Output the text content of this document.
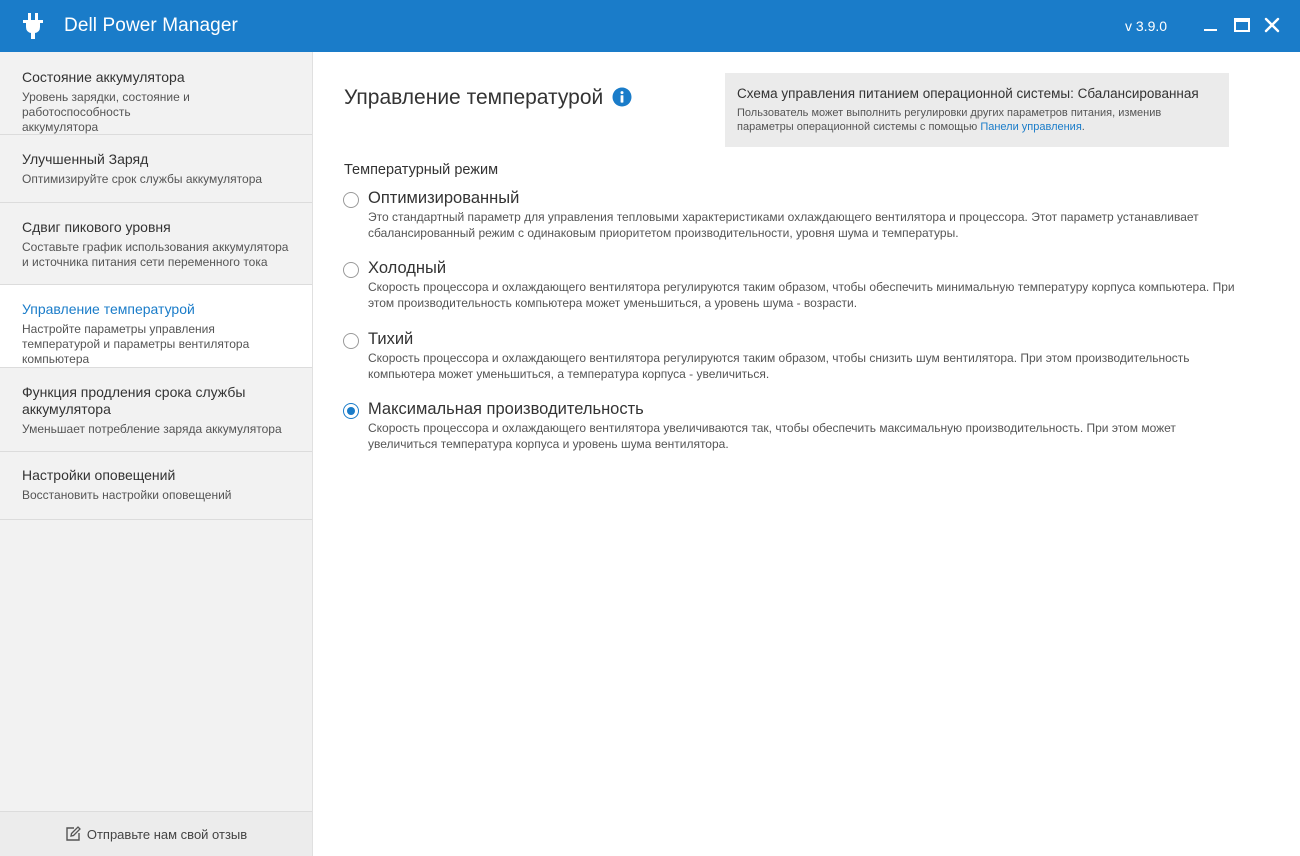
Dell Power Manager	v 3.9.0
Состояние аккумулятора
Уровень зарядки, состояние и работоспособность аккумулятора
Улучшенный Заряд
Оптимизируйте срок службы аккумулятора
Сдвиг пикового уровня
Составьте график использования аккумулятора и источника питания сети переменного тока
Управление температурой
Настройте параметры управления температурой и параметры вентилятора компьютера
Функция продления срока службы аккумулятора
Уменьшает потребление заряда аккумулятора
Настройки оповещений
Восстановить настройки оповещений
Отправьте нам свой отзыв
Управление температурой	Схема управления питанием операционной системы: Сбалансированная
Пользователь может выполнить регулировки других параметров питания, изменив параметры операционной системы с помощью Панели управления.
Температурный режим
Оптимизированный
Это стандартный параметр для управления тепловыми характеристиками охлаждающего вентилятора и процессора. Этот параметр устанавливает сбалансированный режим с одинаковым приоритетом производительности, уровня шума и температуры.
Холодный
Скорость процессора и охлаждающего вентилятора регулируются таким образом, чтобы обеспечить минимальную температуру корпуса компьютера. При этом производительность компьютера может уменьшиться, а уровень шума - возрасти.
Тихий
Скорость процессора и охлаждающего вентилятора регулируются таким образом, чтобы снизить шум вентилятора. При этом производительность компьютера может уменьшиться, а температура корпуса - увеличиться.
Максимальная производительность
Скорость процессора и охлаждающего вентилятора увеличиваются так, чтобы обеспечить максимальную производительность. При этом может увеличиться температура корпуса и уровень шума вентилятора.
